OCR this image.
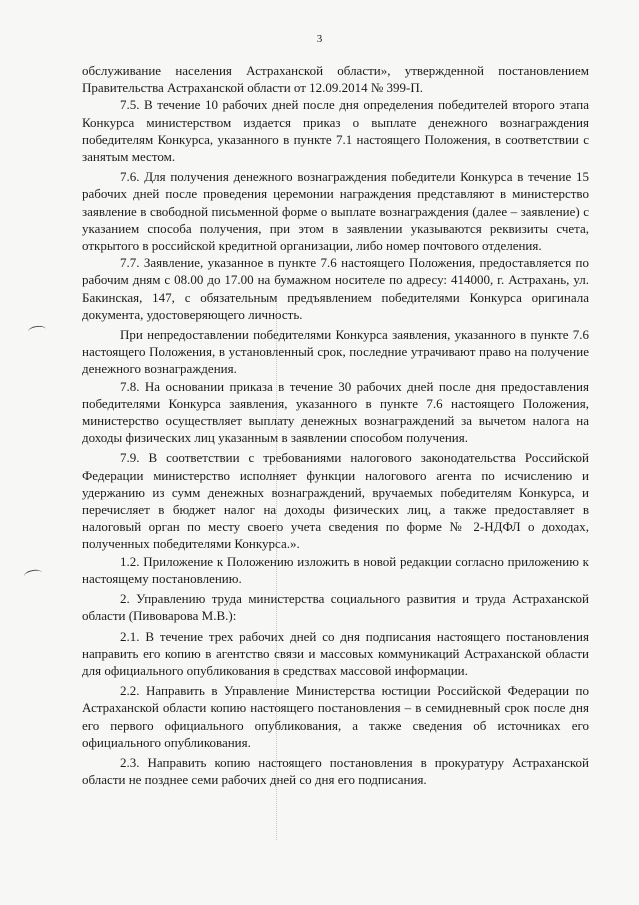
3

обслуживание населения Астраханской области», утвержденной постановлением Правительства Астраханской области от 12.09.2014 № 399-П.

7.5. В течение 10 рабочих дней после дня определения победителей второго этапа Конкурса министерством издается приказ о выплате денежного вознаграждения победителям Конкурса, указанного в пункте 7.1 настоящего Положения, в соответствии с занятым местом.

7.6. Для получения денежного вознаграждения победители Конкурса в течение 15 рабочих дней после проведения церемонии награждения представляют в министерство заявление в свободной письменной форме о выплате вознаграждения (далее – заявление) с указанием способа получения, при этом в заявлении указываются реквизиты счета, открытого в российской кредитной организации, либо номер почтового отделения.

7.7. Заявление, указанное в пункте 7.6 настоящего Положения, предоставляется по рабочим дням с 08.00 до 17.00 на бумажном носителе по адресу: 414000, г. Астрахань, ул. Бакинская, 147, с обязательным предъявлением победителями Конкурса оригинала документа, удостоверяющего личность.

При непредоставлении победителями Конкурса заявления, указанного в пункте 7.6 настоящего Положения, в установленный срок, последние утрачивают право на получение денежного вознаграждения.

7.8. На основании приказа в течение 30 рабочих дней после дня предоставления победителями Конкурса заявления, указанного в пункте 7.6 настоящего Положения, министерство осуществляет выплату денежных вознаграждений за вычетом налога на доходы физических лиц указанным в заявлении способом получения.

7.9. В соответствии с требованиями налогового законодательства Российской Федерации министерство исполняет функции налогового агента по исчислению и удержанию из сумм денежных вознаграждений, вручаемых победителям Конкурса, и перечисляет в бюджет налог на доходы физических лиц, а также предоставляет в налоговый орган по месту своего учета сведения по форме № 2-НДФЛ о доходах, полученных победителями Конкурса.».

1.2. Приложение к Положению изложить в новой редакции согласно приложению к настоящему постановлению.

2. Управлению труда министерства социального развития и труда Астраханской области (Пивоварова М.В.):

2.1. В течение трех рабочих дней со дня подписания настоящего постановления направить его копию в агентство связи и массовых коммуникаций Астраханской области для официального опубликования в средствах массовой информации.

2.2. Направить в Управление Министерства юстиции Российской Федерации по Астраханской области копию настоящего постановления – в семидневный срок после дня его первого официального опубликования, а также сведения об источниках его официального опубликования.

2.3. Направить копию настоящего постановления в прокуратуру Астраханской области не позднее семи рабочих дней со дня его подписания.
